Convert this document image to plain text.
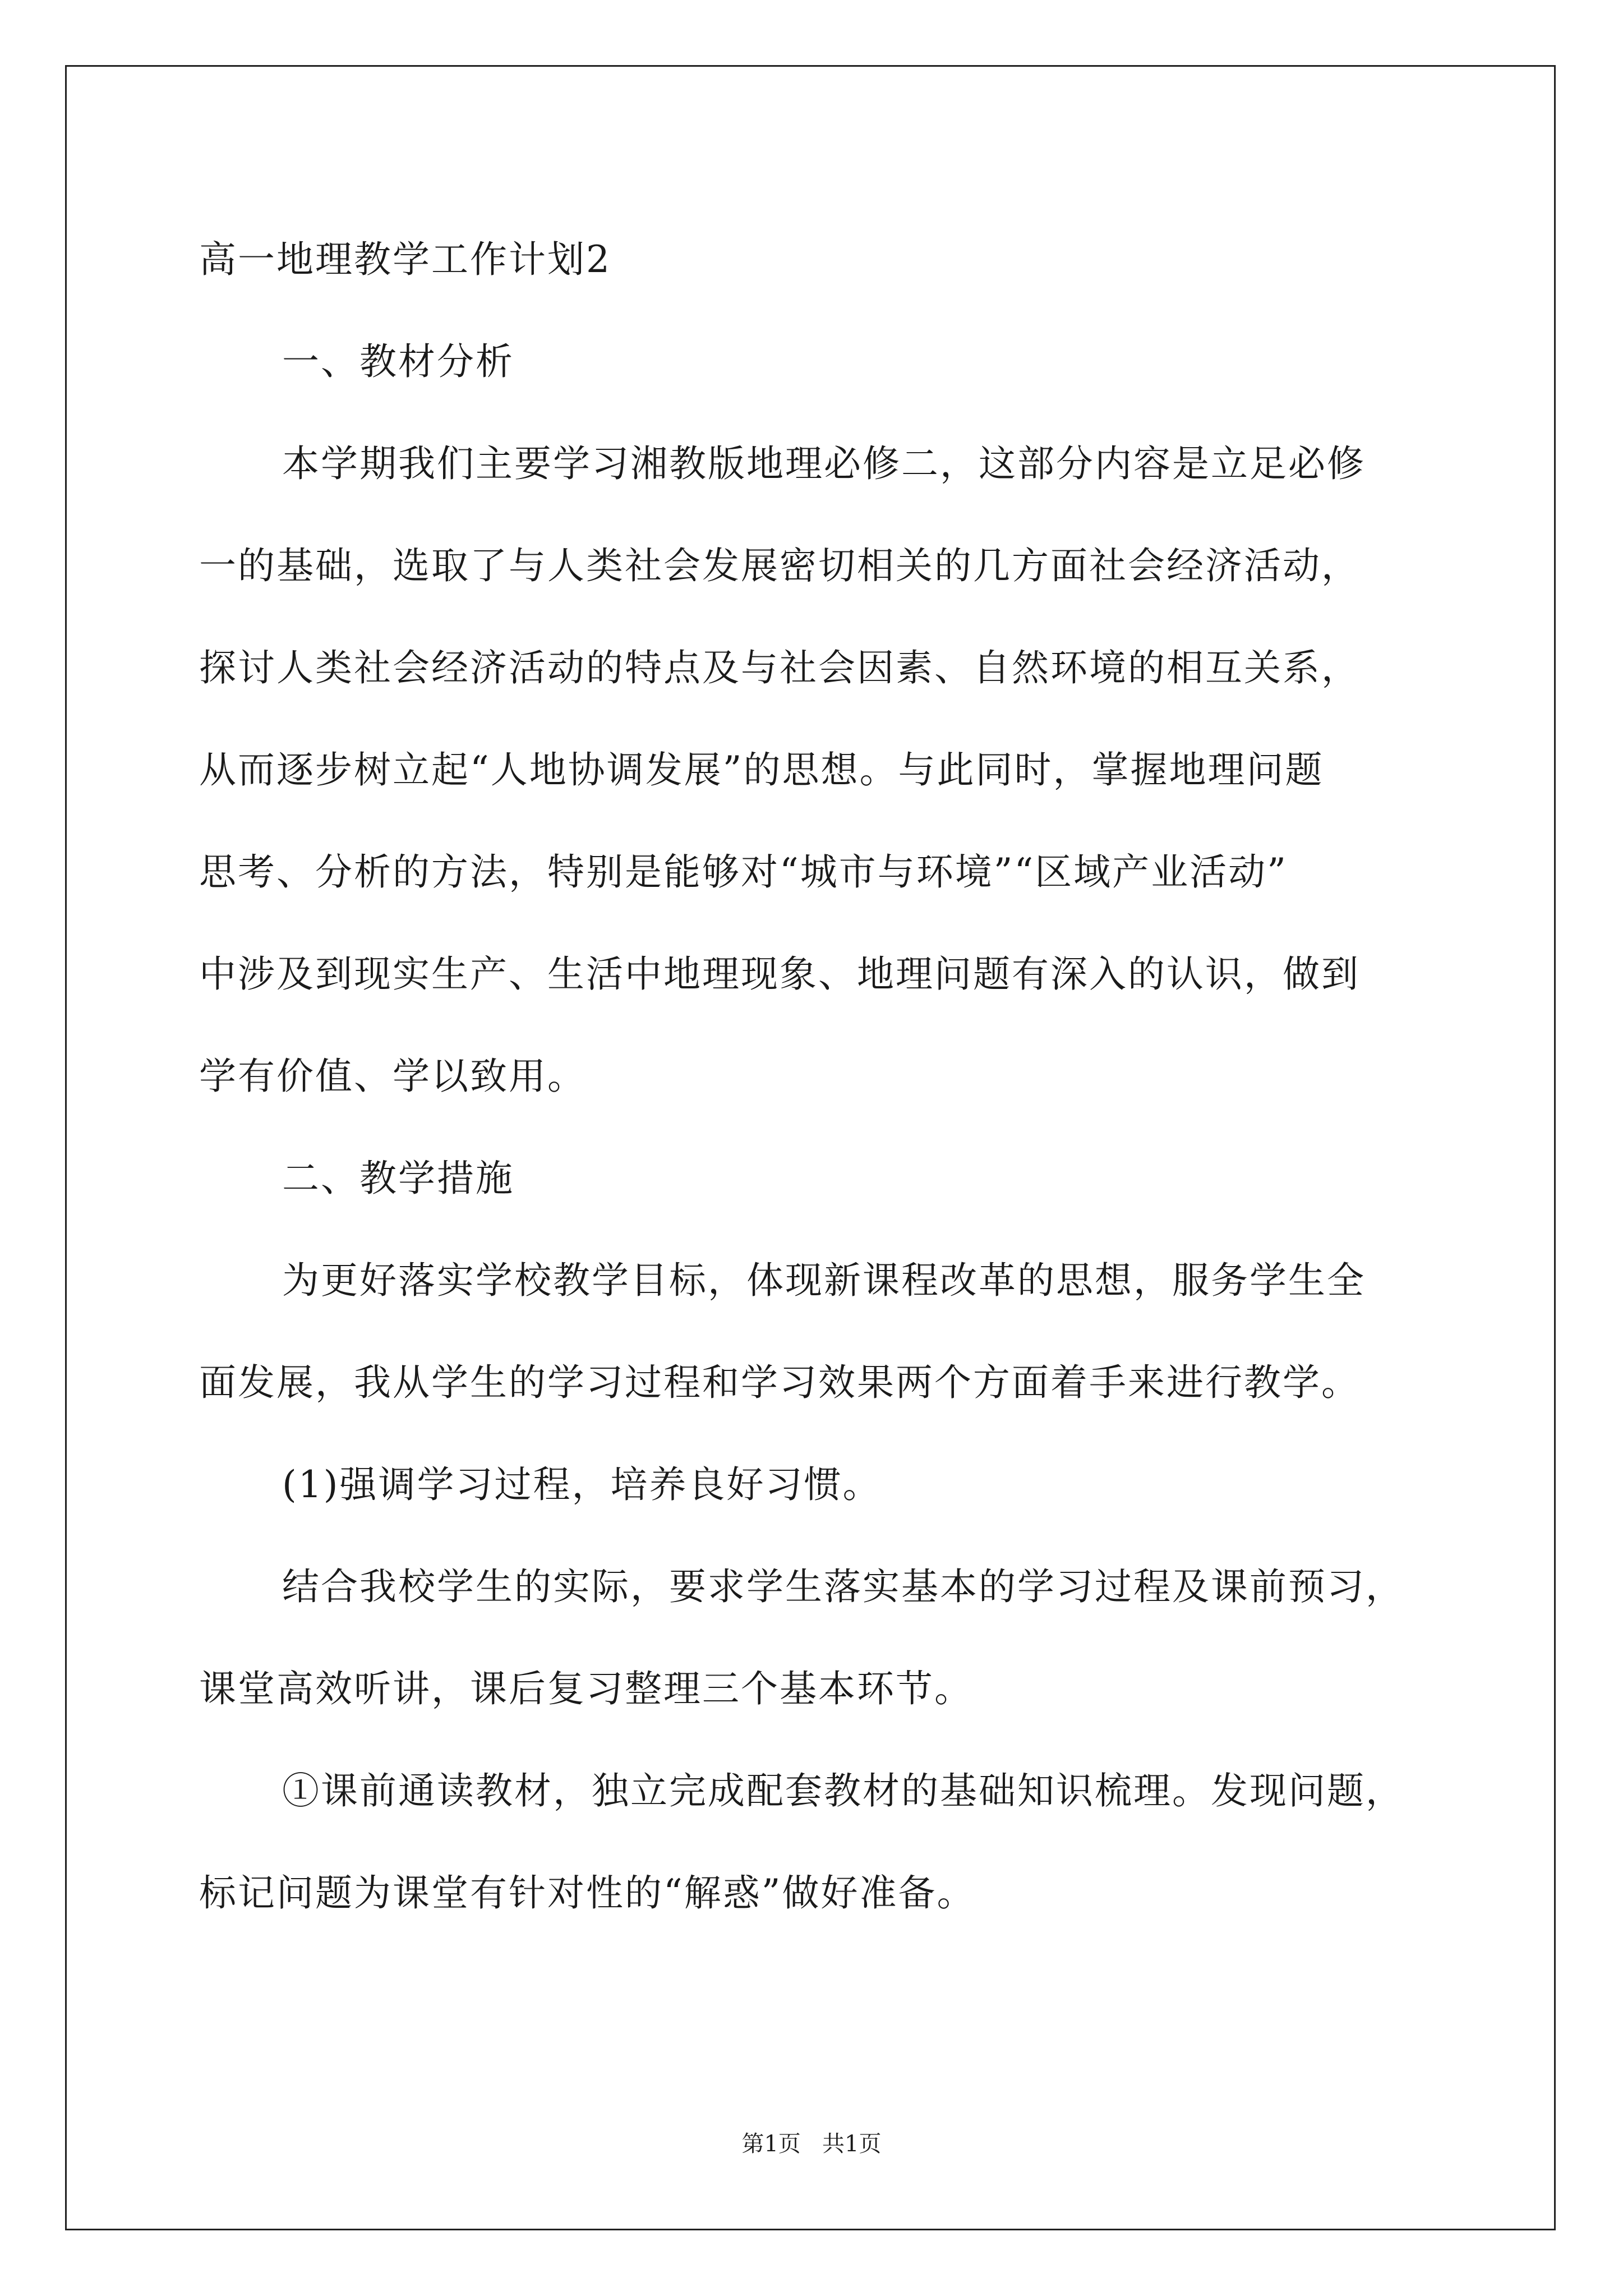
高一地理教学工作计划2
一、教材分析
本学期我们主要学习湘教版地理必修二，这部分内容是立足必修
一的基础，选取了与人类社会发展密切相关的几方面社会经济活动，
探讨人类社会经济活动的特点及与社会因素、自然环境的相互关系，
从而逐步树立起“人地协调发展”的思想。与此同时，掌握地理问题
思考、分析的方法，特别是能够对“城市与环境”“区域产业活动”
中涉及到现实生产、生活中地理现象、地理问题有深入的认识，做到
学有价值、学以致用。
二、教学措施
为更好落实学校教学目标，体现新课程改革的思想，服务学生全
面发展，我从学生的学习过程和学习效果两个方面着手来进行教学。
(1)强调学习过程，培养良好习惯。
结合我校学生的实际，要求学生落实基本的学习过程及课前预习，
课堂高效听讲，课后复习整理三个基本环节。
①课前通读教材，独立完成配套教材的基础知识梳理。发现问题，
标记问题为课堂有针对性的“解惑”做好准备。
第1页   共1页
